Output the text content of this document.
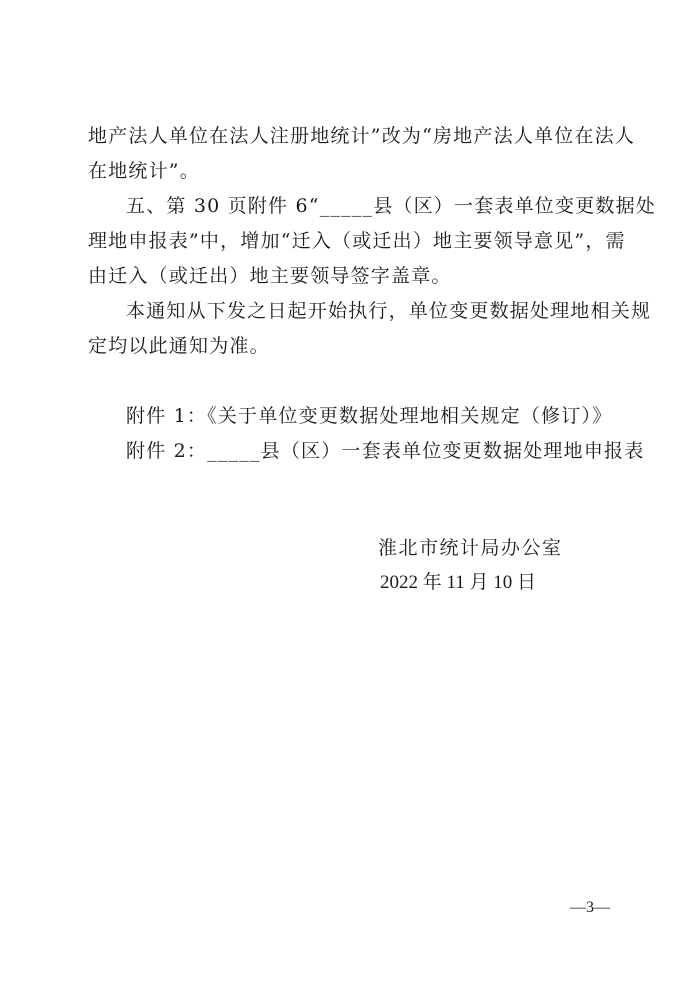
地产法人单位在法人注册地统计”改为“房地产法人单位在法人
在地统计”。
五、第 30 页附件 6“_____县（区）一套表单位变更数据处
理地申报表”中，增加“迁入（或迁出）地主要领导意见”，需
由迁入（或迁出）地主要领导签字盖章。
本通知从下发之日起开始执行，单位变更数据处理地相关规
定均以此通知为准。
附件 1：《关于单位变更数据处理地相关规定（修订）》
附件 2：_____县（区）一套表单位变更数据处理地申报表
淮北市统计局办公室
2022 年 11 月 10 日
—3—
